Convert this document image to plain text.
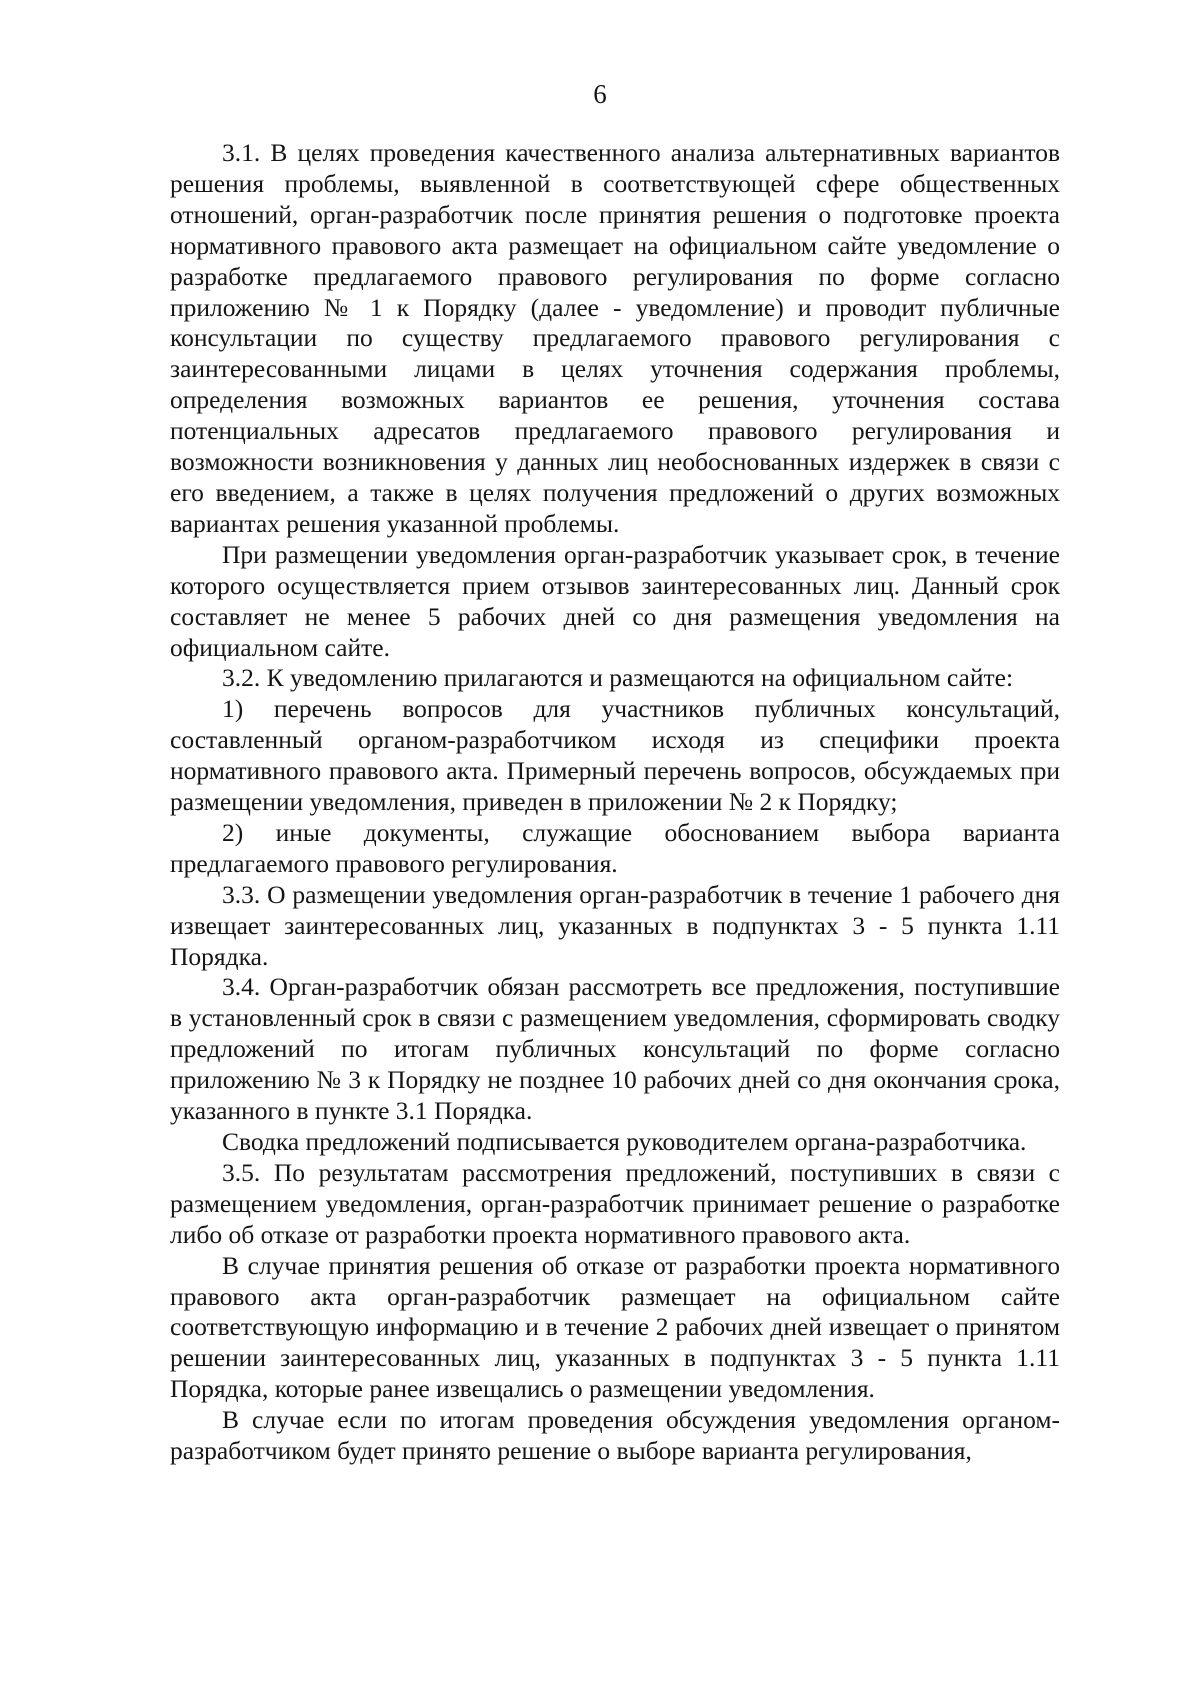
6

3.1. В целях проведения качественного анализа альтернативных вариантов решения проблемы, выявленной в соответствующей сфере общественных отношений, орган-разработчик после принятия решения о подготовке проекта нормативного правового акта размещает на официальном сайте уведомление о разработке предлагаемого правового регулирования по форме согласно приложению № 1 к Порядку (далее - уведомление) и проводит публичные консультации по существу предлагаемого правового регулирования с заинтересованными лицами в целях уточнения содержания проблемы, определения возможных вариантов ее решения, уточнения состава потенциальных адресатов предлагаемого правового регулирования и возможности возникновения у данных лиц необоснованных издержек в связи с его введением, а также в целях получения предложений о других возможных вариантах решения указанной проблемы.

При размещении уведомления орган-разработчик указывает срок, в течение которого осуществляется прием отзывов заинтересованных лиц. Данный срок составляет не менее 5 рабочих дней со дня размещения уведомления на официальном сайте.

3.2. К уведомлению прилагаются и размещаются на официальном сайте:

1) перечень вопросов для участников публичных консультаций, составленный органом-разработчиком исходя из специфики проекта нормативного правового акта. Примерный перечень вопросов, обсуждаемых при размещении уведомления, приведен в приложении № 2 к Порядку;

2) иные документы, служащие обоснованием выбора варианта предлагаемого правового регулирования.

3.3. О размещении уведомления орган-разработчик в течение 1 рабочего дня извещает заинтересованных лиц, указанных в подпунктах 3 - 5 пункта 1.11 Порядка.

3.4. Орган-разработчик обязан рассмотреть все предложения, поступившие в установленный срок в связи с размещением уведомления, сформировать сводку предложений по итогам публичных консультаций по форме согласно приложению № 3 к Порядку не позднее 10 рабочих дней со дня окончания срока, указанного в пункте 3.1 Порядка.

Сводка предложений подписывается руководителем органа-разработчика.

3.5. По результатам рассмотрения предложений, поступивших в связи с размещением уведомления, орган-разработчик принимает решение о разработке либо об отказе от разработки проекта нормативного правового акта.

В случае принятия решения об отказе от разработки проекта нормативного правового акта орган-разработчик размещает на официальном сайте соответствующую информацию и в течение 2 рабочих дней извещает о принятом решении заинтересованных лиц, указанных в подпунктах 3 - 5 пункта 1.11 Порядка, которые ранее извещались о размещении уведомления.

В случае если по итогам проведения обсуждения уведомления органом-разработчиком будет принято решение о выборе варианта регулирования,
